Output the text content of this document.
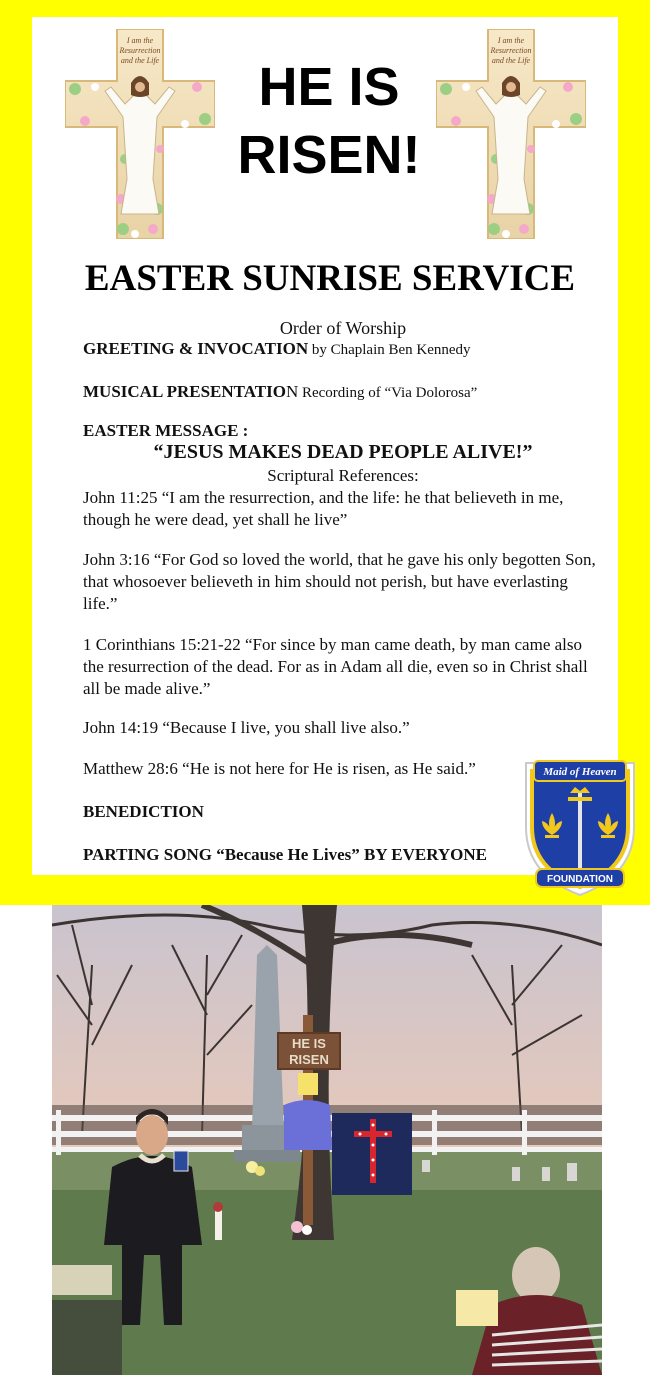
I am the
Resurrection
and the Life	HE IS
RISEN!
I am the
Resurrection
and the Life
EASTER SUNRISE SERVICE
Order of Worship
GREETING & INVOCATION by Chaplain Ben Kennedy
MUSICAL PRESENTATION Recording of “Via Dolorosa”
EASTER MESSAGE :
“JESUS MAKES DEAD PEOPLE ALIVE!”
Scriptural References:
John 11:25 “I am the resurrection, and the life: he that believeth in me, though he were dead, yet shall he live”
John 3:16 “For God so loved the world, that he gave his only begotten Son, that whosoever believeth in him should not perish, but have everlasting life.”
1 Corinthians 15:21-22 “For since by man came death, by man came also the resurrection of the dead. For as in Adam all die, even so in Christ shall all be made alive.”
John 14:19 “Because I live, you shall live also.”
Matthew 28:6 “He is not here for He is risen, as He said.”
BENEDICTION
PARTING SONG “Because He Lives” BY EVERYONE
Maid of Heaven
FOUNDATION
HE IS
RISEN
